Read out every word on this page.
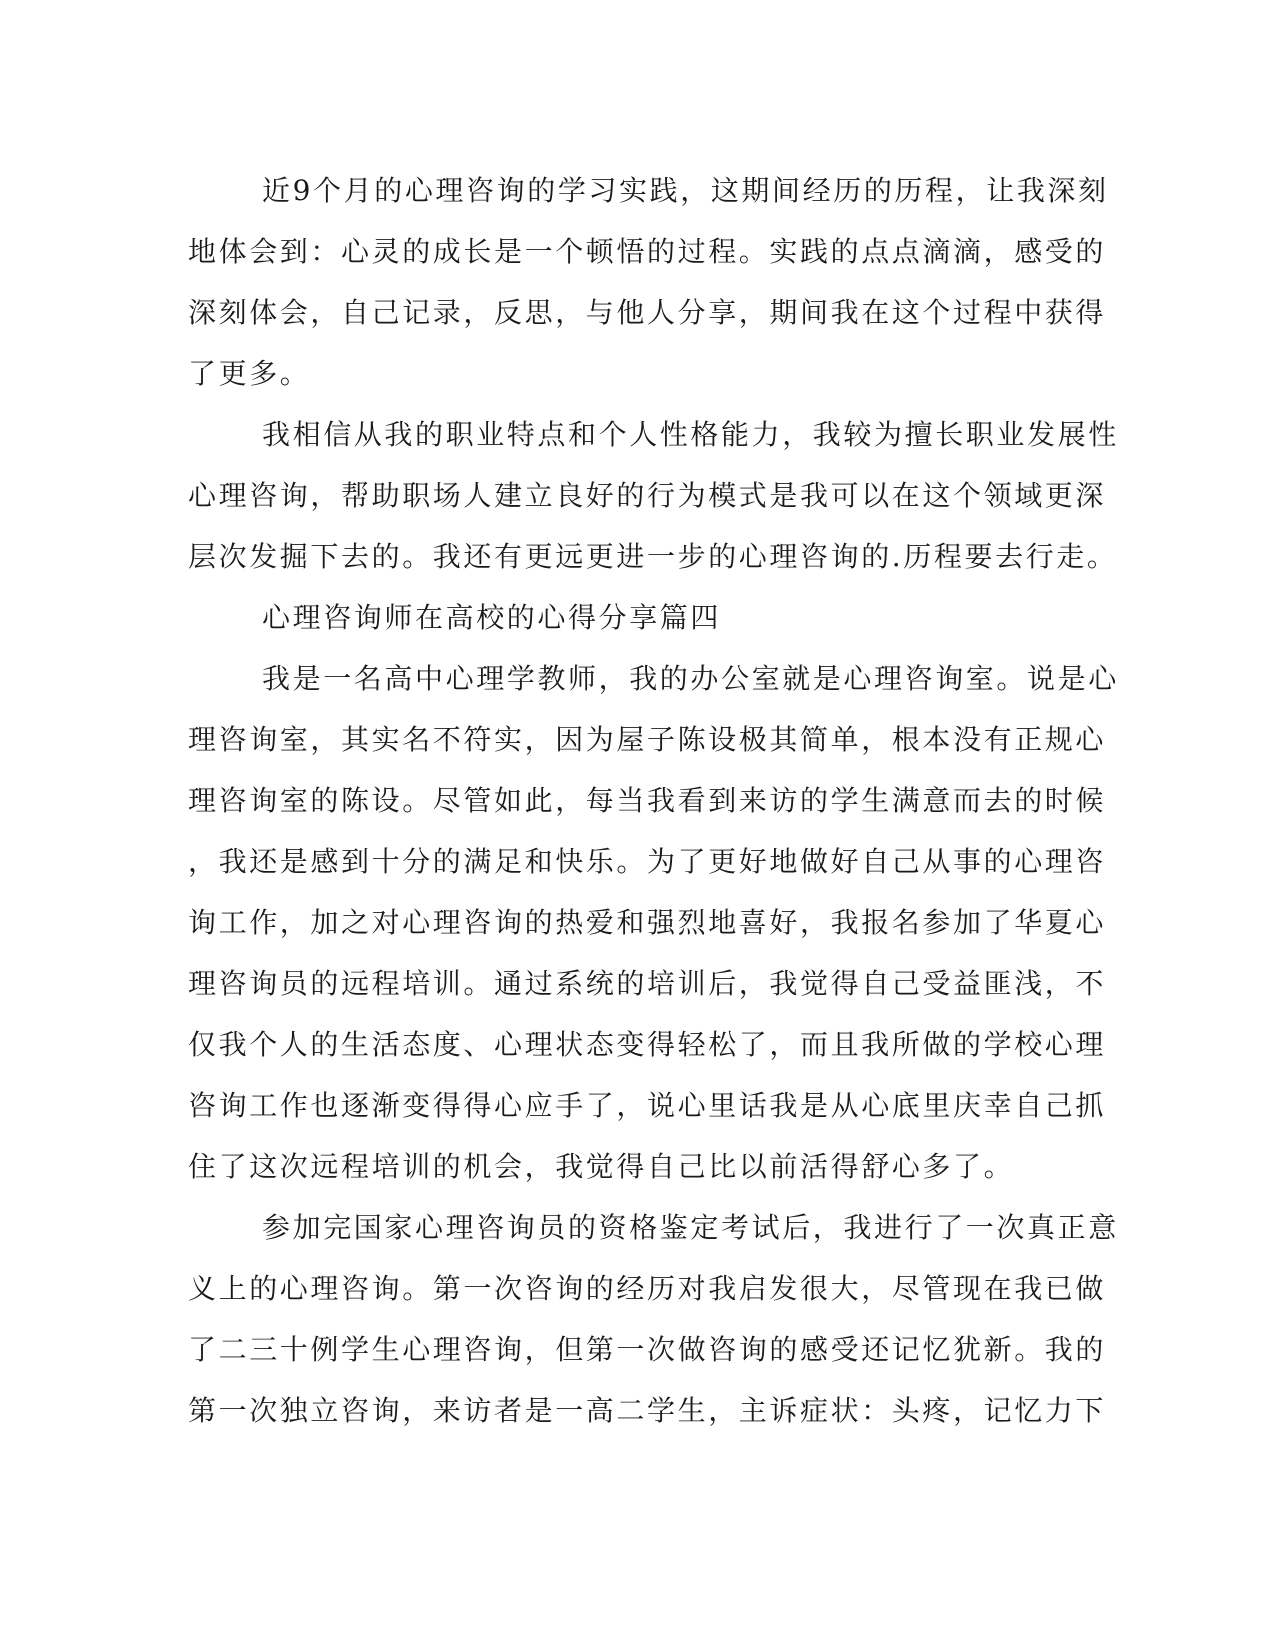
近9个月的心理咨询的学习实践，这期间经历的历程，让我深刻
地体会到：心灵的成长是一个顿悟的过程。实践的点点滴滴，感受的
深刻体会，自己记录，反思，与他人分享，期间我在这个过程中获得
了更多。
我相信从我的职业特点和个人性格能力，我较为擅长职业发展性
心理咨询，帮助职场人建立良好的行为模式是我可以在这个领域更深
层次发掘下去的。我还有更远更进一步的心理咨询的.历程要去行走。
心理咨询师在高校的心得分享篇四
我是一名高中心理学教师，我的办公室就是心理咨询室。说是心
理咨询室，其实名不符实，因为屋子陈设极其简单，根本没有正规心
理咨询室的陈设。尽管如此，每当我看到来访的学生满意而去的时候
，我还是感到十分的满足和快乐。为了更好地做好自己从事的心理咨
询工作，加之对心理咨询的热爱和强烈地喜好，我报名参加了华夏心
理咨询员的远程培训。通过系统的培训后，我觉得自己受益匪浅，不
仅我个人的生活态度、心理状态变得轻松了，而且我所做的学校心理
咨询工作也逐渐变得得心应手了，说心里话我是从心底里庆幸自己抓
住了这次远程培训的机会，我觉得自己比以前活得舒心多了。
参加完国家心理咨询员的资格鉴定考试后，我进行了一次真正意
义上的心理咨询。第一次咨询的经历对我启发很大，尽管现在我已做
了二三十例学生心理咨询，但第一次做咨询的感受还记忆犹新。我的
第一次独立咨询，来访者是一高二学生，主诉症状：头疼，记忆力下
